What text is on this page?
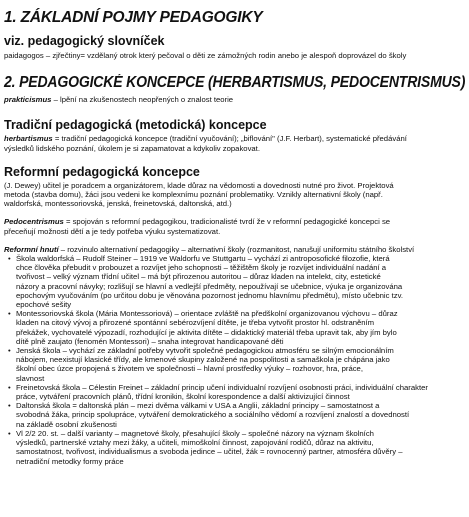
1. ZÁKLADNÍ POJMY PEDAGOGIKY
viz. pedagogický slovníček

paidagogos – zjřečtiny= vzdělaný otrok který pečoval o děti ze zámožných rodin anebo je alespoň doprovázel do školy

2. PEDAGOGICKÉ KONCEPCE (HERBARTISMUS, PEDOCENTRISMUS)

prakticismus – lpění na zkušenostech neopřených o znalost teorie

Tradiční pedagogická (metodická) koncepce

herbartismus = tradiční pedagogická koncepce (tradiční vyučování); „biflování" (J.F. Herbart), systematické předávání

výsledků lidského poznání, úkolem je si zapamatovat a kdykoliv zopakovat.

Reformní pedagogická koncepce

(J. Dewey) učitel je poradcem a organizátorem, klade důraz na vědomosti a dovednosti nutné pro život. Projektová

metoda (stavba domu), žáci jsou vedeni ke komplexnímu poznání problematiky. Vznikly alternativní školy (např.

waldorfská, montessoriovská, jenská, freinetovská, daltonská, atd.)

Pedocentrismus = spojován s reformní pedagogikou, tradicionalisté tvrdí že v reformní pedagogické koncepci se

přeceňují možnosti dětí a je tedy potřeba výuku systematizovat.

Reformní hnutí – rozvinulo alternativní pedagogiky – alternativní školy (rozmanitost, narušují uniformitu státního školství

• Škola waldorfská – Rudolf Steiner – 1919 ve Waldorfu ve Stuttgartu – vychází zi antroposofické filozofie, která
chce člověka přebudit v probouzet a rozvíjet jeho schopnosti – těžištěm školy je rozvíjet individuální nadání a
tvořivost – velký význam třídní učitel – má být přirozenou autoritou – důraz kladen na intelekt, city, estetické
názory a pracovní návyky; rozlišují se hlavní a vedlejší předměty, nepoužívají se učebnice, výuka je organizována
epochovým vyučováním (po určitou dobu je věnována pozornost jednomu hlavnímu předmětu), místo učebnic tzv.
epochové sešity
• Montessoriovská škola (Mária Montessoriová) – orientace zvláště na předškolní organizovanou výchovu – důraz
kladen na citový vývoj a přirozené spontánní sebérozvíjení dítěte, je třeba vytvořit prostor hl. odstraněním
překážek, vychovatelé výpozadí, rozhodující je aktivita dítěte – didaktický materiál třeba upravit tak, aby jím bylo
dítě plně zaujato (fenomén Montessori) – snaha integrovat handicapované děti
• Jenská škola – vychází ze základní potřeby vytvořit společné pedagogickou atmosféru se silným emocionálním
nábojem, neexistují klasické třídy, ale kmenové skupiny založené na pospolitosti a samaškola je chápána jako
školní obec úzce propojená s životem ve společnosti – hlavní prostředky výuky – rozhovor, hra, práce,
slavnost
• Freinetovská škola – Célestin Freinet – základní princip učení individualní rozvíjení osobnosti práci, individuální charakter
práce, vytváření pracovních plánů, třídní kronikin, školní korespondence a další aktivizující činnost
• Daltonská škola = daltonská plán – mezi dvěma válkami v USA a Anglii, základní principy – samostatnost a
svobodná žáka, princip spolupráce, vytváření demokratického a sociálního vědomí a rozvíjení znalostí a dovedností
na základě osobní zkušenosti
• Vl 2/2 20. st. – další varianty – magnetové školy, přesahující školy – společné názory na význam školních
výsledků, partnerské vztahy mezi žáky, a učiteli, mimoškolní činnost, zapojování rodičů, důraz na aktivitu,
samostatnost, tvořivost, individualismus a svoboda jedince – učitel, žák = rovnocenný partner, atmosféra důvěry –
netradiční metodky formy práce
